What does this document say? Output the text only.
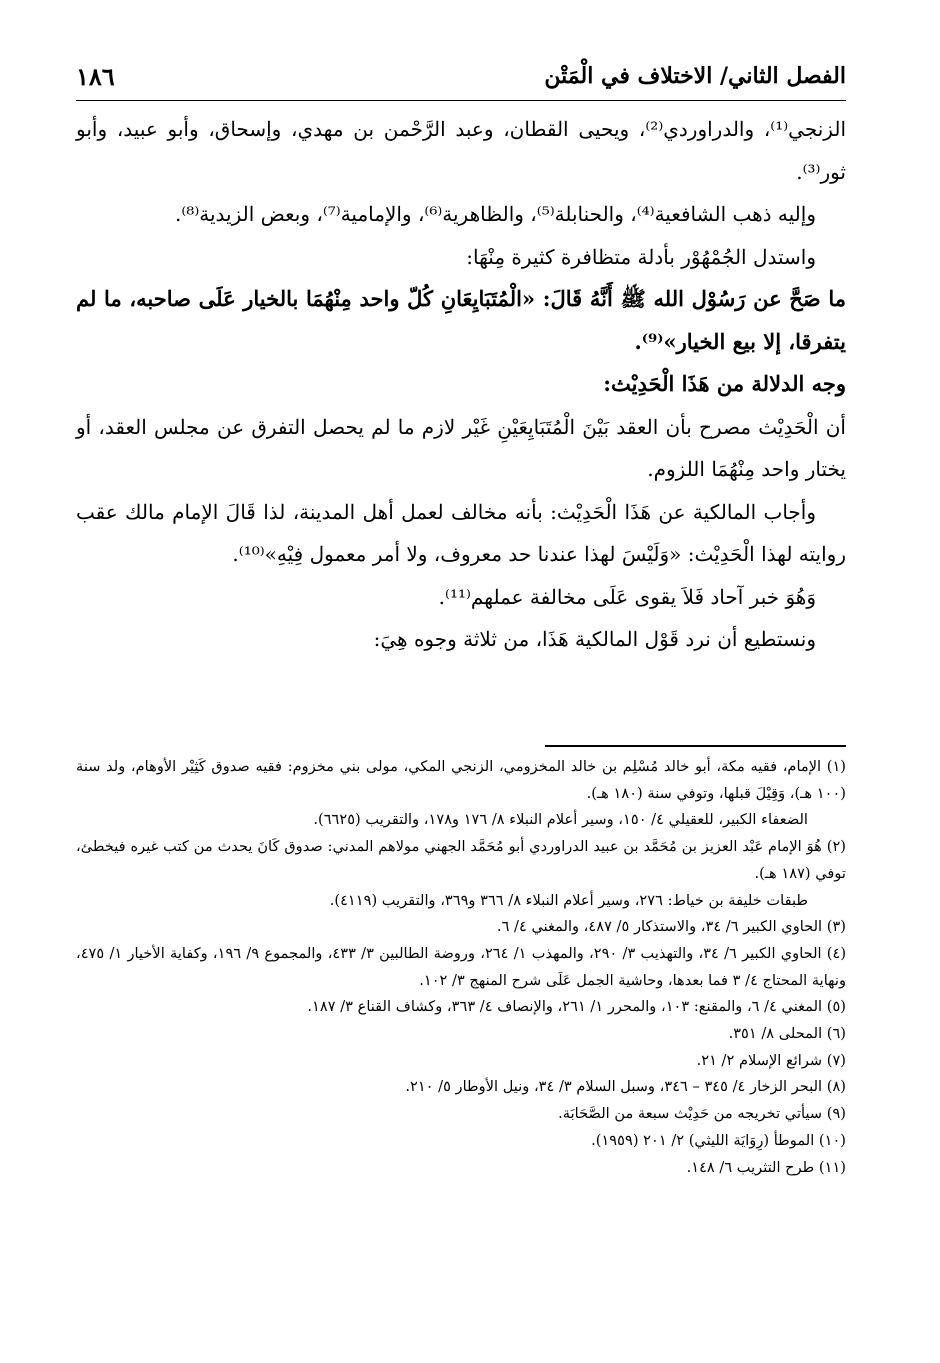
١٨٦	الفصل الثاني/ الاختلاف في الْمَتْن

الزنجي⁽¹⁾، والدراوردي⁽²⁾، ويحيى القطان، وعبد الرَّحْمن بن مهدي، وإسحاق، وأبو عبيد، وأبو ثور⁽³⁾.

وإليه ذهب الشافعية⁽⁴⁾، والحنابلة⁽⁵⁾، والظاهرية⁽⁶⁾، والإمامية⁽⁷⁾، وبعض الزيدية⁽⁸⁾.

واستدل الجُمْهُوْر بأدلة متظافرة كثيرة مِنْهَا:

ما صَحَّ عن رَسُوْل الله ﷺ أَنَّهُ قَالَ: «الْمُتَبَايِعَانِ كُلّ واحد مِنْهُمَا بالخيار عَلَى صاحبه، ما لم يتفرقا، إلا بيع الخيار»⁽⁹⁾.

وجه الدلالة من هَذَا الْحَدِيْث:

أن الْحَدِيْث مصرح بأن العقد بَيْنَ الْمُتَبَايِعَيْنِ غَيْر لازم ما لم يحصل التفرق عن مجلس العقد، أو يختار واحد مِنْهُمَا اللزوم.

وأجاب المالكية عن هَذَا الْحَدِيْث: بأنه مخالف لعمل أهل المدينة، لذا قَالَ الإمام مالك عقب روايته لهذا الْحَدِيْث: «وَلَيْسَ لهذا عندنا حد معروف، ولا أمر معمول فِيْهِ»⁽¹⁰⁾.

وَهُوَ خبر آحاد فَلاَ يقوى عَلَى مخالفة عملهم⁽¹¹⁾.

ونستطيع أن نرد قَوْل المالكية هَذَا، من ثلاثة وجوه هِيَ:

(١) الإمام، فقيه مكة، أبو خالد مُسْلِم بن خالد المخزومي، الزنجي المكي، مولى بني مخزوم: فقيه صدوق كَثِيْر الأوهام، ولد سنة (١٠٠ هـ)، وَقِيْلَ قبلها، وتوفي سنة (١٨٠ هـ).

الضعفاء الكبير، للعقيلي ٤/ ١٥٠، وسير أعلام النبلاء ٨/ ١٧٦ و١٧٨، والتقريب (٦٦٢٥).

(٢) هُوَ الإمام عَبْد العزيز بن مُحَمَّد بن عبيد الدراوردي أبو مُحَمَّد الجهني مولاهم المدني: صدوق كَانَ يحدث من كتب غيره فيخطئ، توفي (١٨٧ هـ).

طبقات خليفة بن خياط: ٢٧٦، وسير أعلام النبلاء ٨/ ٣٦٦ و٣٦٩، والتقريب (٤١١٩).

(٣) الحاوي الكبير ٦/ ٣٤، والاستذكار ٥/ ٤٨٧، والمغني ٤/ ٦.

(٤) الحاوي الكبير ٦/ ٣٤، والتهذيب ٣/ ٢٩٠، والمهذب ١/ ٢٦٤، وروضة الطالبين ٣/ ٤٣٣، والمجموع ٩/ ١٩٦، وكفاية الأخيار ١/ ٤٧٥، ونهاية المحتاج ٤/ ٣ فما بعدها، وحاشية الجمل عَلَى شرح المنهج ٣/ ١٠٢.

(٥) المغني ٤/ ٦، والمقنع: ١٠٣، والمحرر ١/ ٢٦١، والإنصاف ٤/ ٣٦٣، وكشاف القناع ٣/ ١٨٧.

(٦) المحلى ٨/ ٣٥١.

(٧) شرائع الإسلام ٢/ ٢١.

(٨) البحر الزخار ٤/ ٣٤٥ – ٣٤٦، وسبل السلام ٣/ ٣٤، ونيل الأوطار ٥/ ٢١٠.

(٩) سيأتي تخريجه من حَدِيْث سبعة من الصَّحَابَة.

(١٠) الموطأ (رِوَايَة الليثي) ٢/ ٢٠١ (١٩٥٩).

(١١) طرح التثريب ٦/ ١٤٨.
